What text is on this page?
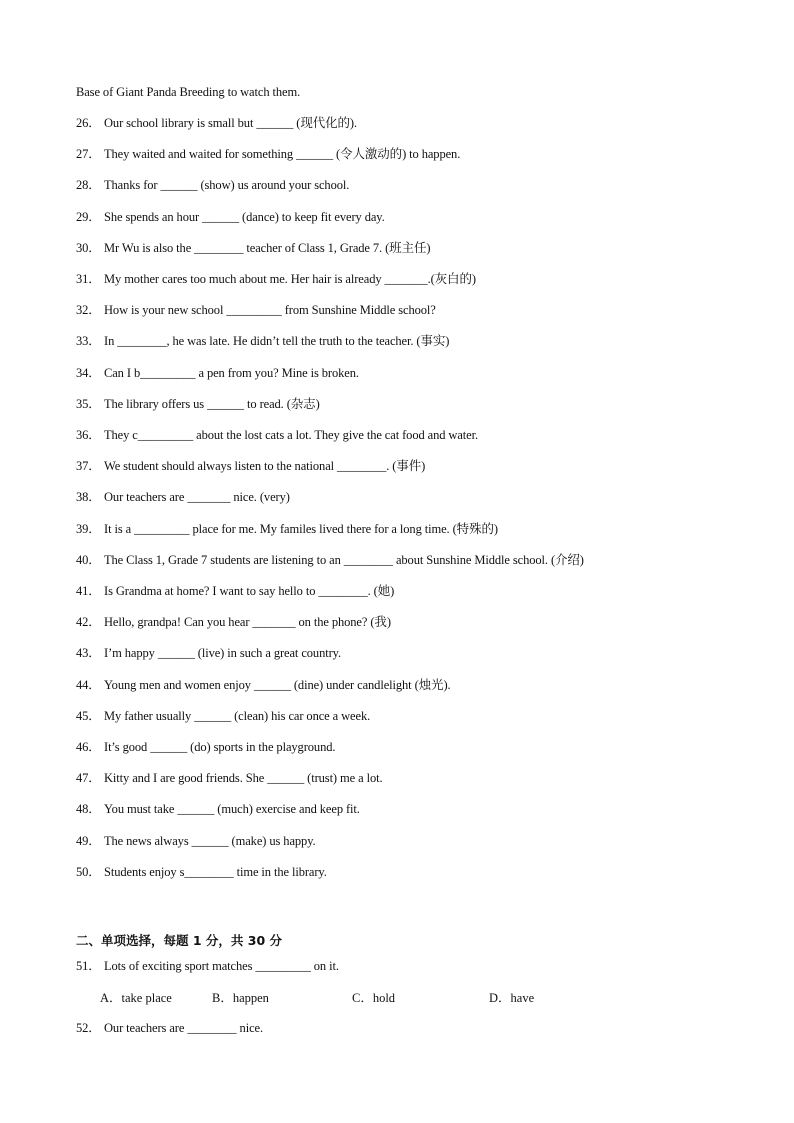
Base of Giant Panda Breeding to watch them.
26． Our school library is small but ______ (现代化的).
27． They waited and waited for something ______ (令人激动的) to happen.
28． Thanks for ______ (show) us around your school.
29． She spends an hour ______ (dance) to keep fit every day.
30． Mr Wu is also the ________ teacher of Class 1, Grade 7. (班主任)
31． My mother cares too much about me. Her hair is already _______.(灰白的)
32． How is your new school _________ from Sunshine Middle school?
33． In ________, he was late. He didn’t tell the truth to the teacher. (事实)
34． Can I b_________ a pen from you? Mine is broken.
35． The library offers us ______ to read. (杂志)
36． They c_________ about the lost cats a lot. They give the cat food and water.
37． We student should always listen to the national ________. (事件)
38． Our teachers are _______ nice. (very)
39． It is a _________ place for me. My familes lived there for a long time. (特殊的)
40． The Class 1, Grade 7 students are listening to an ________ about Sunshine Middle school. (介绍)
41． Is Grandma at home? I want to say hello to ________. (她)
42． Hello, grandpa! Can you hear _______ on the phone? (我)
43． I’m happy ______ (live) in such a great country.
44． Young men and women enjoy ______ (dine) under candlelight (烛光).
45． My father usually ______ (clean) his car once a week.
46． It’s good ______ (do) sports in the playground.
47． Kitty and I are good friends. She ______ (trust) me a lot.
48． You must take ______ (much) exercise and keep fit.
49． The news always ______ (make) us happy.
50． Students enjoy s________ time in the library.
二、单项选择，每题 1 分，共 30 分
51． Lots of exciting sport matches _________ on it.
A．take place	B．happen	C．hold	D．have
52． Our teachers are ________ nice.
